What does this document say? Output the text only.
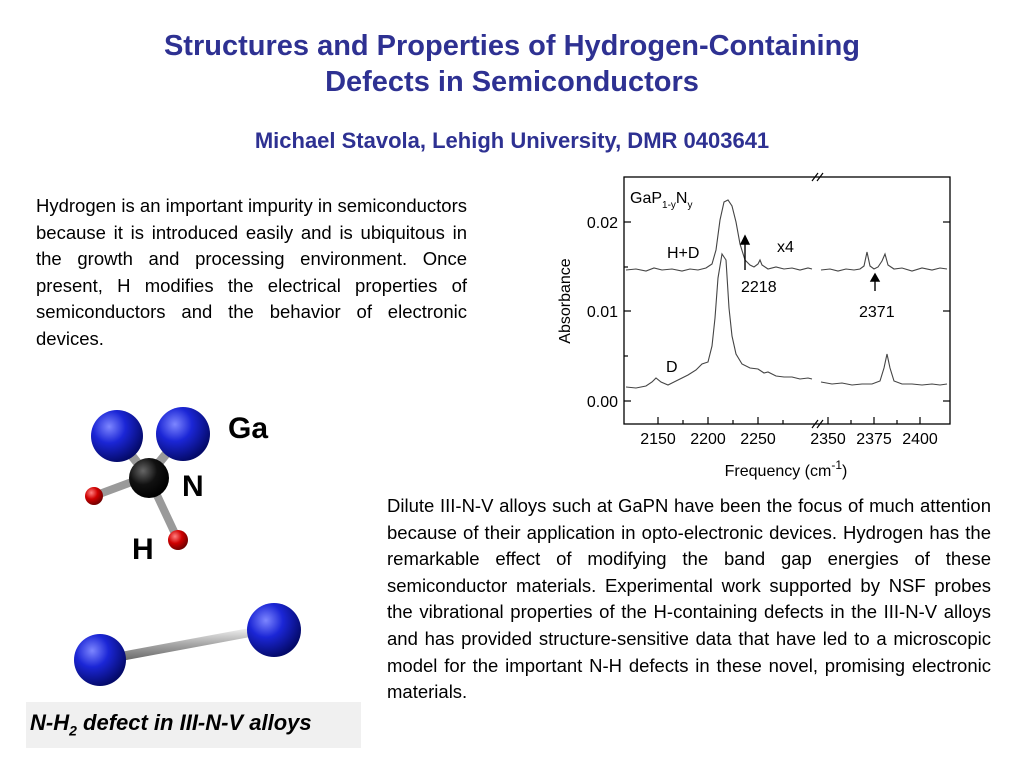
Structures and Properties of Hydrogen-Containing
Defects in Semiconductors
Michael Stavola, Lehigh University, DMR 0403641
Hydrogen is an important impurity in semiconductors because it is introduced easily and is ubiquitous in the growth and processing environment. Once present, H modifies the electrical properties of semiconductors and the behavior of electronic devices.
Dilute III-N-V alloys such at GaPN have been the focus of much attention because of their application in opto-electronic devices. Hydrogen has the remarkable effect of modifying the band gap energies of these semiconductor materials. Experimental work supported by NSF probes the vibrational properties of the H-containing defects in the III-N-V alloys and has provided structure-sensitive data that have led to a microscopic model for the important N-H defects in these novel, promising electronic materials.
$GaP_{1-y}N_y$
H+D
D
x4
2218
2371
0.02
0.01
0.00
2150 2200 2250 2350 2375 2400
Absorbance
Frequency $(cm^{-1})$
Ga
N
H
$N-H_2$ defect in III-N-V alloys
